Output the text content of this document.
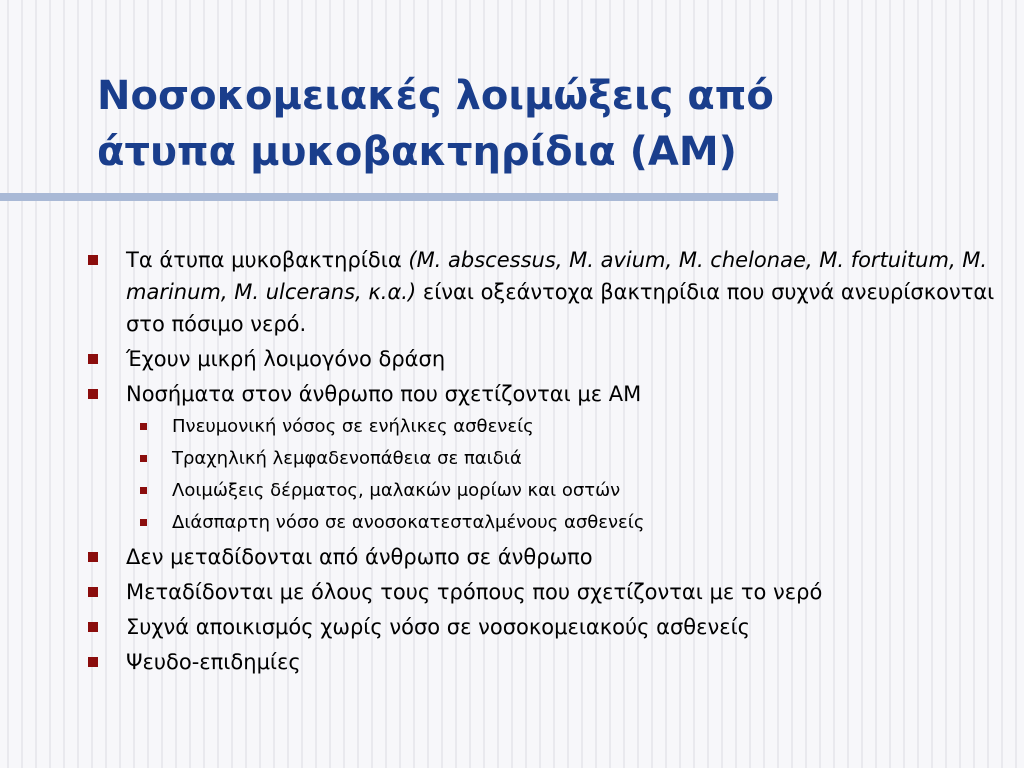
Νοσοκομειακές λοιμώξεις από
άτυπα μυκοβακτηρίδια (ΑΜ)
Τα άτυπα μυκοβακτηρίδια (M. abscessus, M. avium, M. chelonae, M. fortuitum, M. marinum, M. ulcerans, κ.α.) είναι οξεάντοχα βακτηρίδια που συχνά ανευρίσκονται στο πόσιμο νερό.
Έχουν μικρή λοιμογόνο δράση
Νοσήματα στον άνθρωπο που σχετίζονται με ΑΜ
Πνευμονική νόσος σε ενήλικες ασθενείς
Τραχηλική λεμφαδενοπάθεια σε παιδιά
Λοιμώξεις δέρματος, μαλακών μορίων και οστών
Διάσπαρτη νόσο σε ανοσοκατεσταλμένους ασθενείς
Δεν μεταδίδονται από άνθρωπο σε άνθρωπο
Μεταδίδονται με όλους τους τρόπους που σχετίζονται με το νερό
Συχνά αποικισμός χωρίς νόσο σε νοσοκομειακούς ασθενείς
Ψευδο-επιδημίες
